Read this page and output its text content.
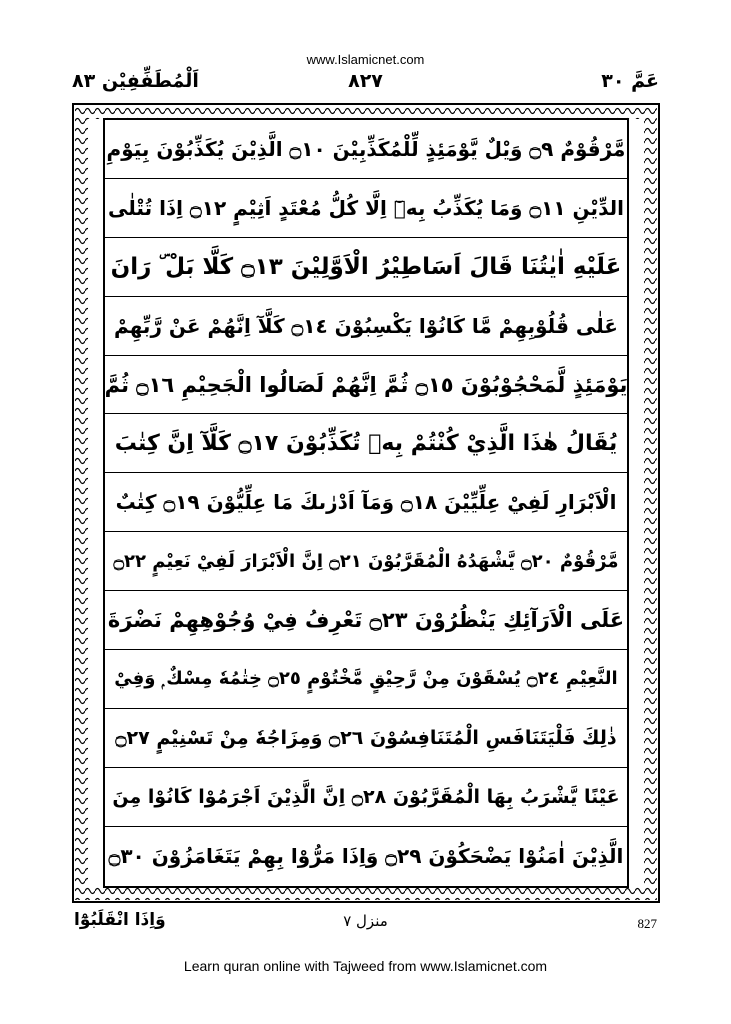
www.Islamicnet.com
اَلْمُطَفِّفِيْن ٨٣	٨٢٧	عَمَّ ٣٠
مَّرْقُوْمٌ ۝٩ وَيْلٌ يَّوْمَئِذٍ لِّلْمُكَذِّبِيْنَ ۝١٠ الَّذِيْنَ يُكَذِّبُوْنَ بِيَوْمِ
الدِّيْنِ ۝١١ وَمَا يُكَذِّبُ بِهٖٓ اِلَّا كُلُّ مُعْتَدٍ اَثِيْمٍ ۝١٢ اِذَا تُتْلٰى
عَلَيْهِ اٰيٰتُنَا قَالَ اَسَاطِيْرُ الْاَوَّلِيْنَ ۝١٣ كَلَّا بَلْ ۜ رَانَ
عَلٰى قُلُوْبِهِمْ مَّا كَانُوْا يَكْسِبُوْنَ ۝١٤ كَلَّآ اِنَّهُمْ عَنْ رَّبِّهِمْ
يَوْمَئِذٍ لَّمَحْجُوْبُوْنَ ۝١٥ ثُمَّ اِنَّهُمْ لَصَالُوا الْجَحِيْمِ ۝١٦ ثُمَّ
يُقَالُ هٰذَا الَّذِيْ كُنْتُمْ بِهٖ تُكَذِّبُوْنَ ۝١٧ كَلَّآ اِنَّ كِتٰبَ
الْاَبْرَارِ لَفِيْ عِلِّيِّيْنَ ۝١٨ وَمَآ اَدْرٰىكَ مَا عِلِّيُّوْنَ ۝١٩ كِتٰبٌ
مَّرْقُوْمٌ ۝٢٠ يَّشْهَدُهُ الْمُقَرَّبُوْنَ ۝٢١ اِنَّ الْاَبْرَارَ لَفِيْ نَعِيْمٍ ۝٢٢
عَلَى الْاَرَآئِكِ يَنْظُرُوْنَ ۝٢٣ تَعْرِفُ فِيْ وُجُوْهِهِمْ نَضْرَةَ
النَّعِيْمِ ۝٢٤ يُسْقَوْنَ مِنْ رَّحِيْقٍ مَّخْتُوْمٍ ۝٢٥ خِتٰمُهٗ مِسْكٌ ۭ وَفِيْ
ذٰلِكَ فَلْيَتَنَافَسِ الْمُتَنَافِسُوْنَ ۝٢٦ وَمِزَاجُهٗ مِنْ تَسْنِيْمٍ ۝٢٧
عَيْنًا يَّشْرَبُ بِهَا الْمُقَرَّبُوْنَ ۝٢٨ اِنَّ الَّذِيْنَ اَجْرَمُوْا كَانُوْا مِنَ
الَّذِيْنَ اٰمَنُوْا يَضْحَكُوْنَ ۝٢٩ وَاِذَا مَرُّوْا بِهِمْ يَتَغَامَزُوْنَ ۝٣٠
وَاِذَا انْقَلَبُوْٓا	منزل ٧	827
Learn quran online with Tajweed from www.Islamicnet.com
